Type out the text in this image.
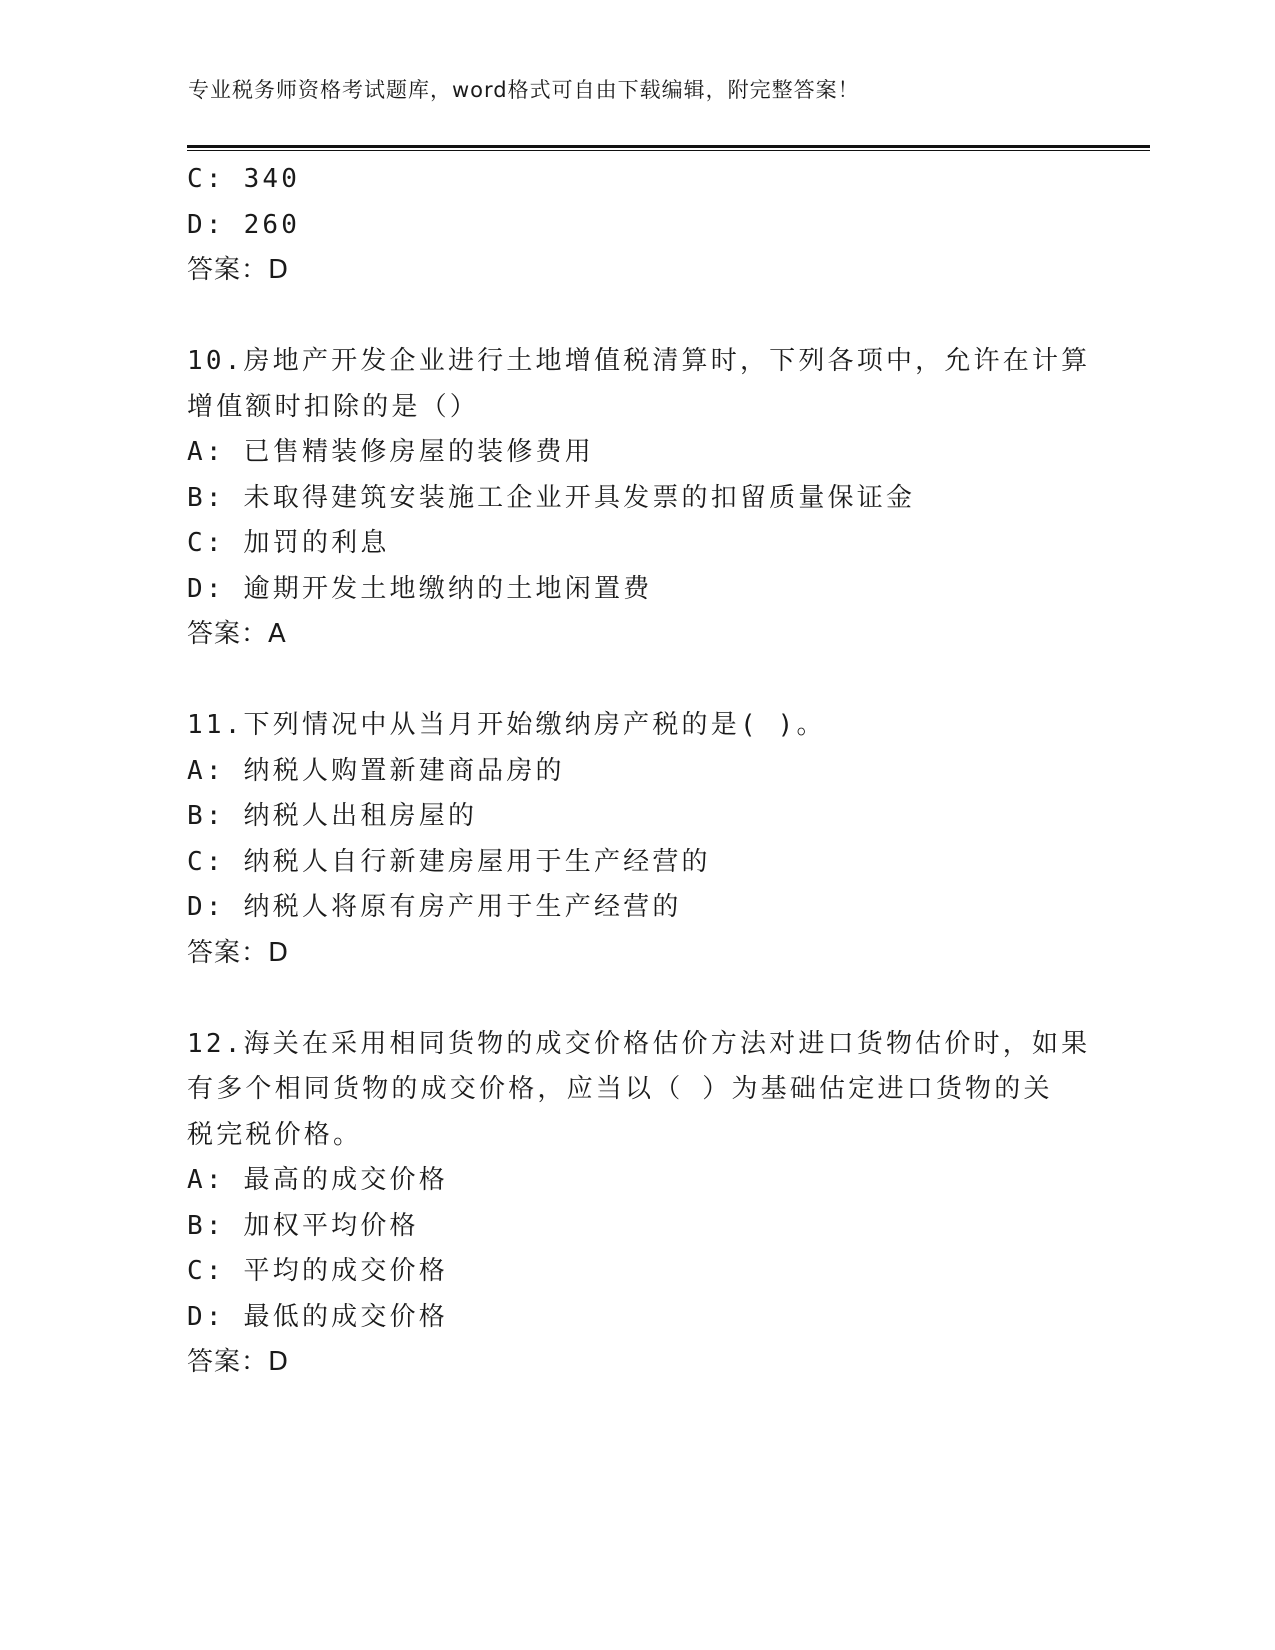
专业税务师资格考试题库，word格式可自由下载编辑，附完整答案！
C: 340
D: 260
答案：D
10.房地产开发企业进行土地增值税清算时，下列各项中，允许在计算
增值额时扣除的是（）
A: 已售精装修房屋的装修费用
B: 未取得建筑安装施工企业开具发票的扣留质量保证金
C: 加罚的利息
D: 逾期开发土地缴纳的土地闲置费
答案：A
11.下列情况中从当月开始缴纳房产税的是( )。
A: 纳税人购置新建商品房的
B: 纳税人出租房屋的
C: 纳税人自行新建房屋用于生产经营的
D: 纳税人将原有房产用于生产经营的
答案：D
12.海关在采用相同货物的成交价格估价方法对进口货物估价时，如果
有多个相同货物的成交价格，应当以（ ）为基础估定进口货物的关
税完税价格。
A: 最高的成交价格
B: 加权平均价格
C: 平均的成交价格
D: 最低的成交价格
答案：D
